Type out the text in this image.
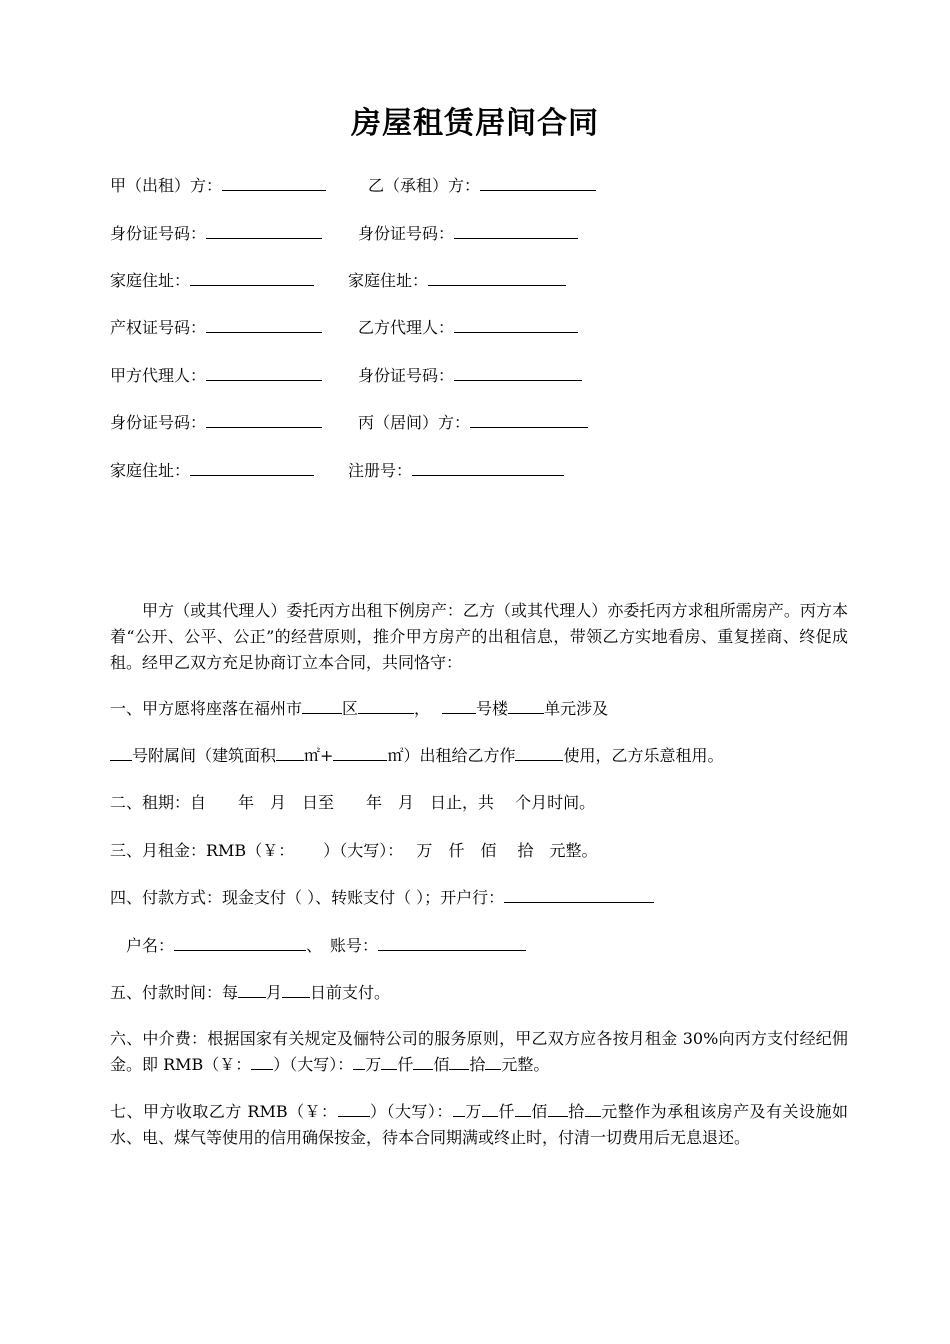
房屋租赁居间合同
甲（出租）方：	乙（承租）方：
身份证号码：	身份证号码：
家庭住址：	家庭住址：
产权证号码：	乙方代理人：
甲方代理人：	身份证号码：
身份证号码：	丙（居间）方：
家庭住址：	注册号：
甲方（或其代理人）委托丙方出租下例房产：乙方（或其代理人）亦委托丙方求租所需房产。丙方本着“公开、公平、公正”的经营原则，推介甲方房产的出租信息，带领乙方实地看房、重复搓商、终促成租。经甲乙双方充足协商订立本合同，共同恪守：
一、甲方愿将座落在福州市	区	，	号楼 单元涉及
号附属间（建筑面积 ㎡+	㎡）出租给乙方作	使用，乙方乐意租用。
二、租期：自　　年　月　日至　　年　月　日止，共　 个月时间。
三、月租金：RMB（￥：　　 ）（大写）：　 万　仟　佰　 拾　元整。
四、付款方式：现金支付（ ）、转账支付（ ）；开户行：
户名：	、　账号：
五、付款时间：每 月 日前支付。
六、中介费：根据国家有关规定及俪特公司的服务原则，甲乙双方应各按月租金 30%向丙方支付经纪佣金。即 RMB（￥： ）（大写）： 万 仟 佰 拾 元整。
七、甲方收取乙方 RMB（￥： ）（大写）： 万 仟 佰 拾 元整作为承租该房产及有关设施如水、电、煤气等使用的信用确保按金，待本合同期满或终止时，付清一切费用后无息退还。
